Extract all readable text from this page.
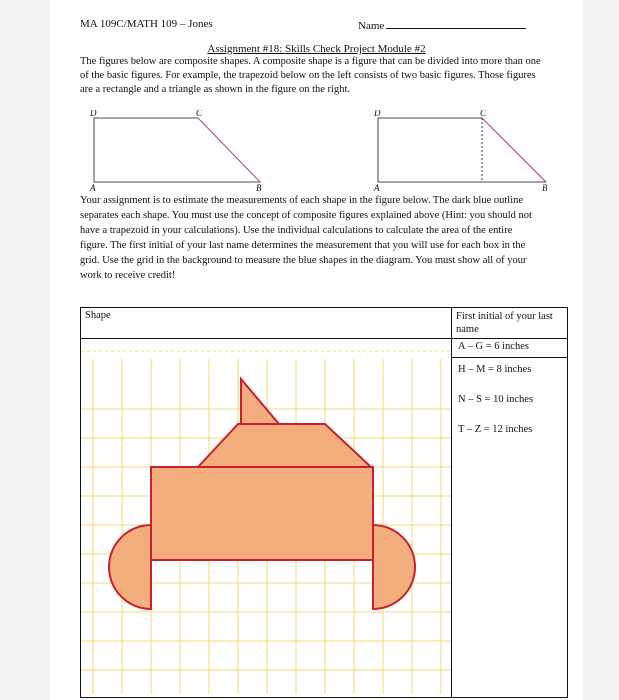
MA 109C/MATH 109 – Jones	Name
Assignment #18: Skills Check Project Module #2
The figures below are composite shapes. A composite shape is a figure that can be divided into more than one of the basic figures. For example, the trapezoid below on the left consists of two basic figures. Those figures are a rectangle and a triangle as shown in the figure on the right.
D	C
A	B
D	C
A	B
Your assignment is to estimate the measurements of each shape in the figure below. The dark blue outline separates each shape. You must use the concept of composite figures explained above (Hint: you should not have a trapezoid in your calculations). Use the individual calculations to calculate the area of the entire figure. The first initial of your last name determines the measurement that you will use for each box in the grid. Use the grid in the background to measure the blue shapes in the diagram. You must show all of your work to receive credit!
Shape	First initial of your last name

A – G = 6 inches
H – M = 8 inches
N – S = 10 inches
T – Z = 12 inches
